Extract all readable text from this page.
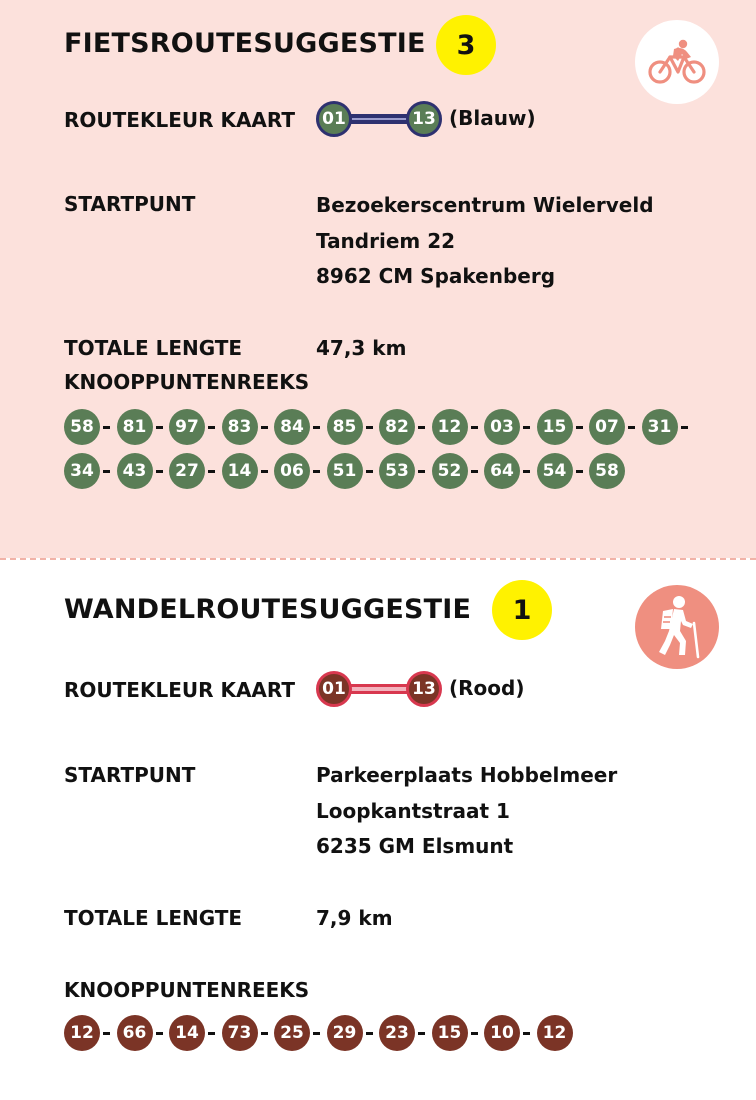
FIETSROUTESUGGESTIE	3
ROUTEKLEUR KAART	01	13 (Blauw)
STARTPUNT	Bezoekerscentrum Wielerveld
Tandriem 22
8962 CM Spakenberg
TOTALE LENGTE	47,3 km
KNOOPPUNTENREEKS
58	81	97	83	84	85	82	12	03	15	07	31
34	43	27	14	06	51	53	52	64	54	58
WANDELROUTESUGGESTIE	1
ROUTEKLEUR KAART	01	13 (Rood)
STARTPUNT	Parkeerplaats Hobbelmeer
Loopkantstraat 1
6235 GM Elsmunt
TOTALE LENGTE	7,9 km
KNOOPPUNTENREEKS
12	66	14	73	25	29	23	15	10	12
